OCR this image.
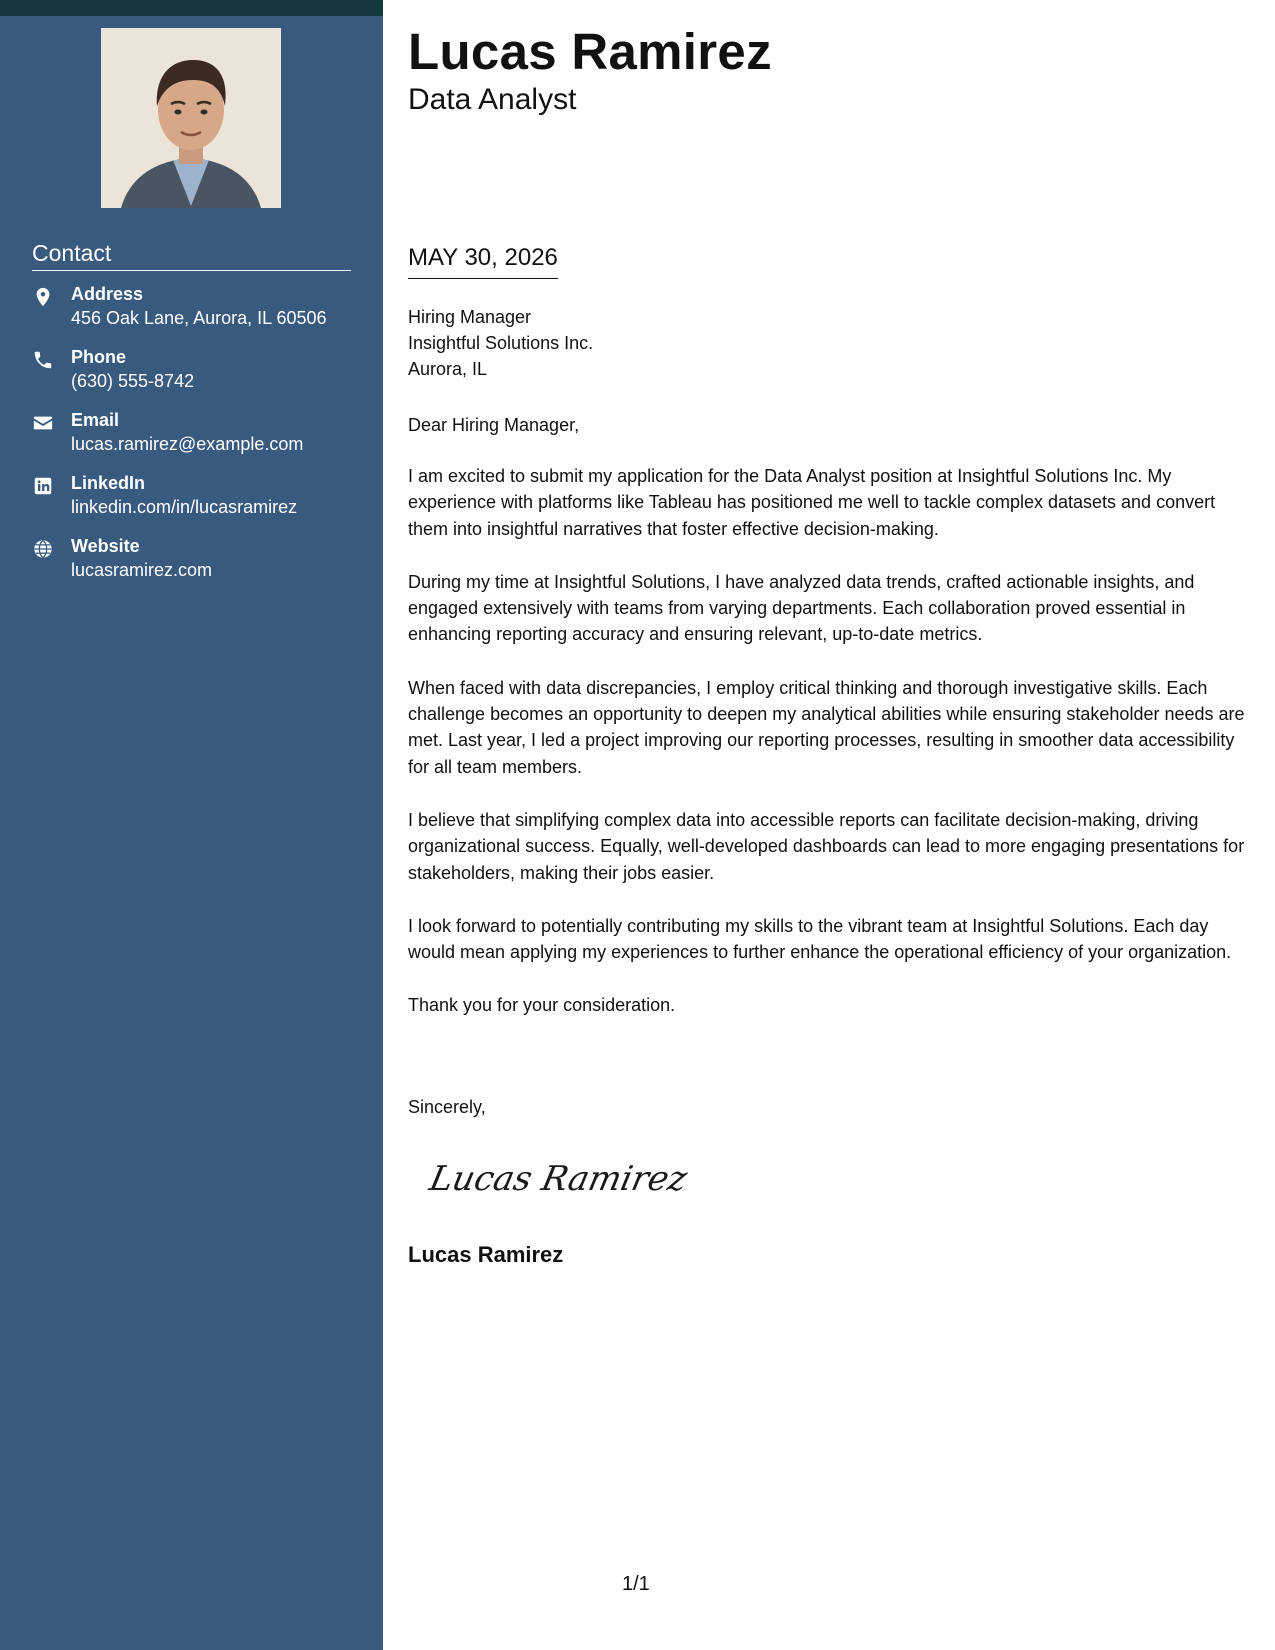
Contact
Address
456 Oak Lane, Aurora, IL 60506
Phone
(630) 555-8742
Email
lucas.ramirez@example.com
LinkedIn
linkedin.com/in/lucasramirez
Website
lucasramirez.com
Lucas Ramirez
Data Analyst
MAY 30, 2026
Hiring Manager
Insightful Solutions Inc.
Aurora, IL
Dear Hiring Manager,

I am excited to submit my application for the Data Analyst position at Insightful Solutions Inc. My experience with platforms like Tableau has positioned me well to tackle complex datasets and convert them into insightful narratives that foster effective decision-making.

During my time at Insightful Solutions, I have analyzed data trends, crafted actionable insights, and engaged extensively with teams from varying departments. Each collaboration proved essential in enhancing reporting accuracy and ensuring relevant, up-to-date metrics.

When faced with data discrepancies, I employ critical thinking and thorough investigative skills. Each challenge becomes an opportunity to deepen my analytical abilities while ensuring stakeholder needs are met. Last year, I led a project improving our reporting processes, resulting in smoother data accessibility for all team members.

I believe that simplifying complex data into accessible reports can facilitate decision-making, driving organizational success. Equally, well-developed dashboards can lead to more engaging presentations for stakeholders, making their jobs easier.

I look forward to potentially contributing my skills to the vibrant team at Insightful Solutions. Each day would mean applying my experiences to further enhance the operational efficiency of your organization.

Thank you for your consideration.

Sincerely,
Lucas Ramirez
Lucas Ramirez
1/1
